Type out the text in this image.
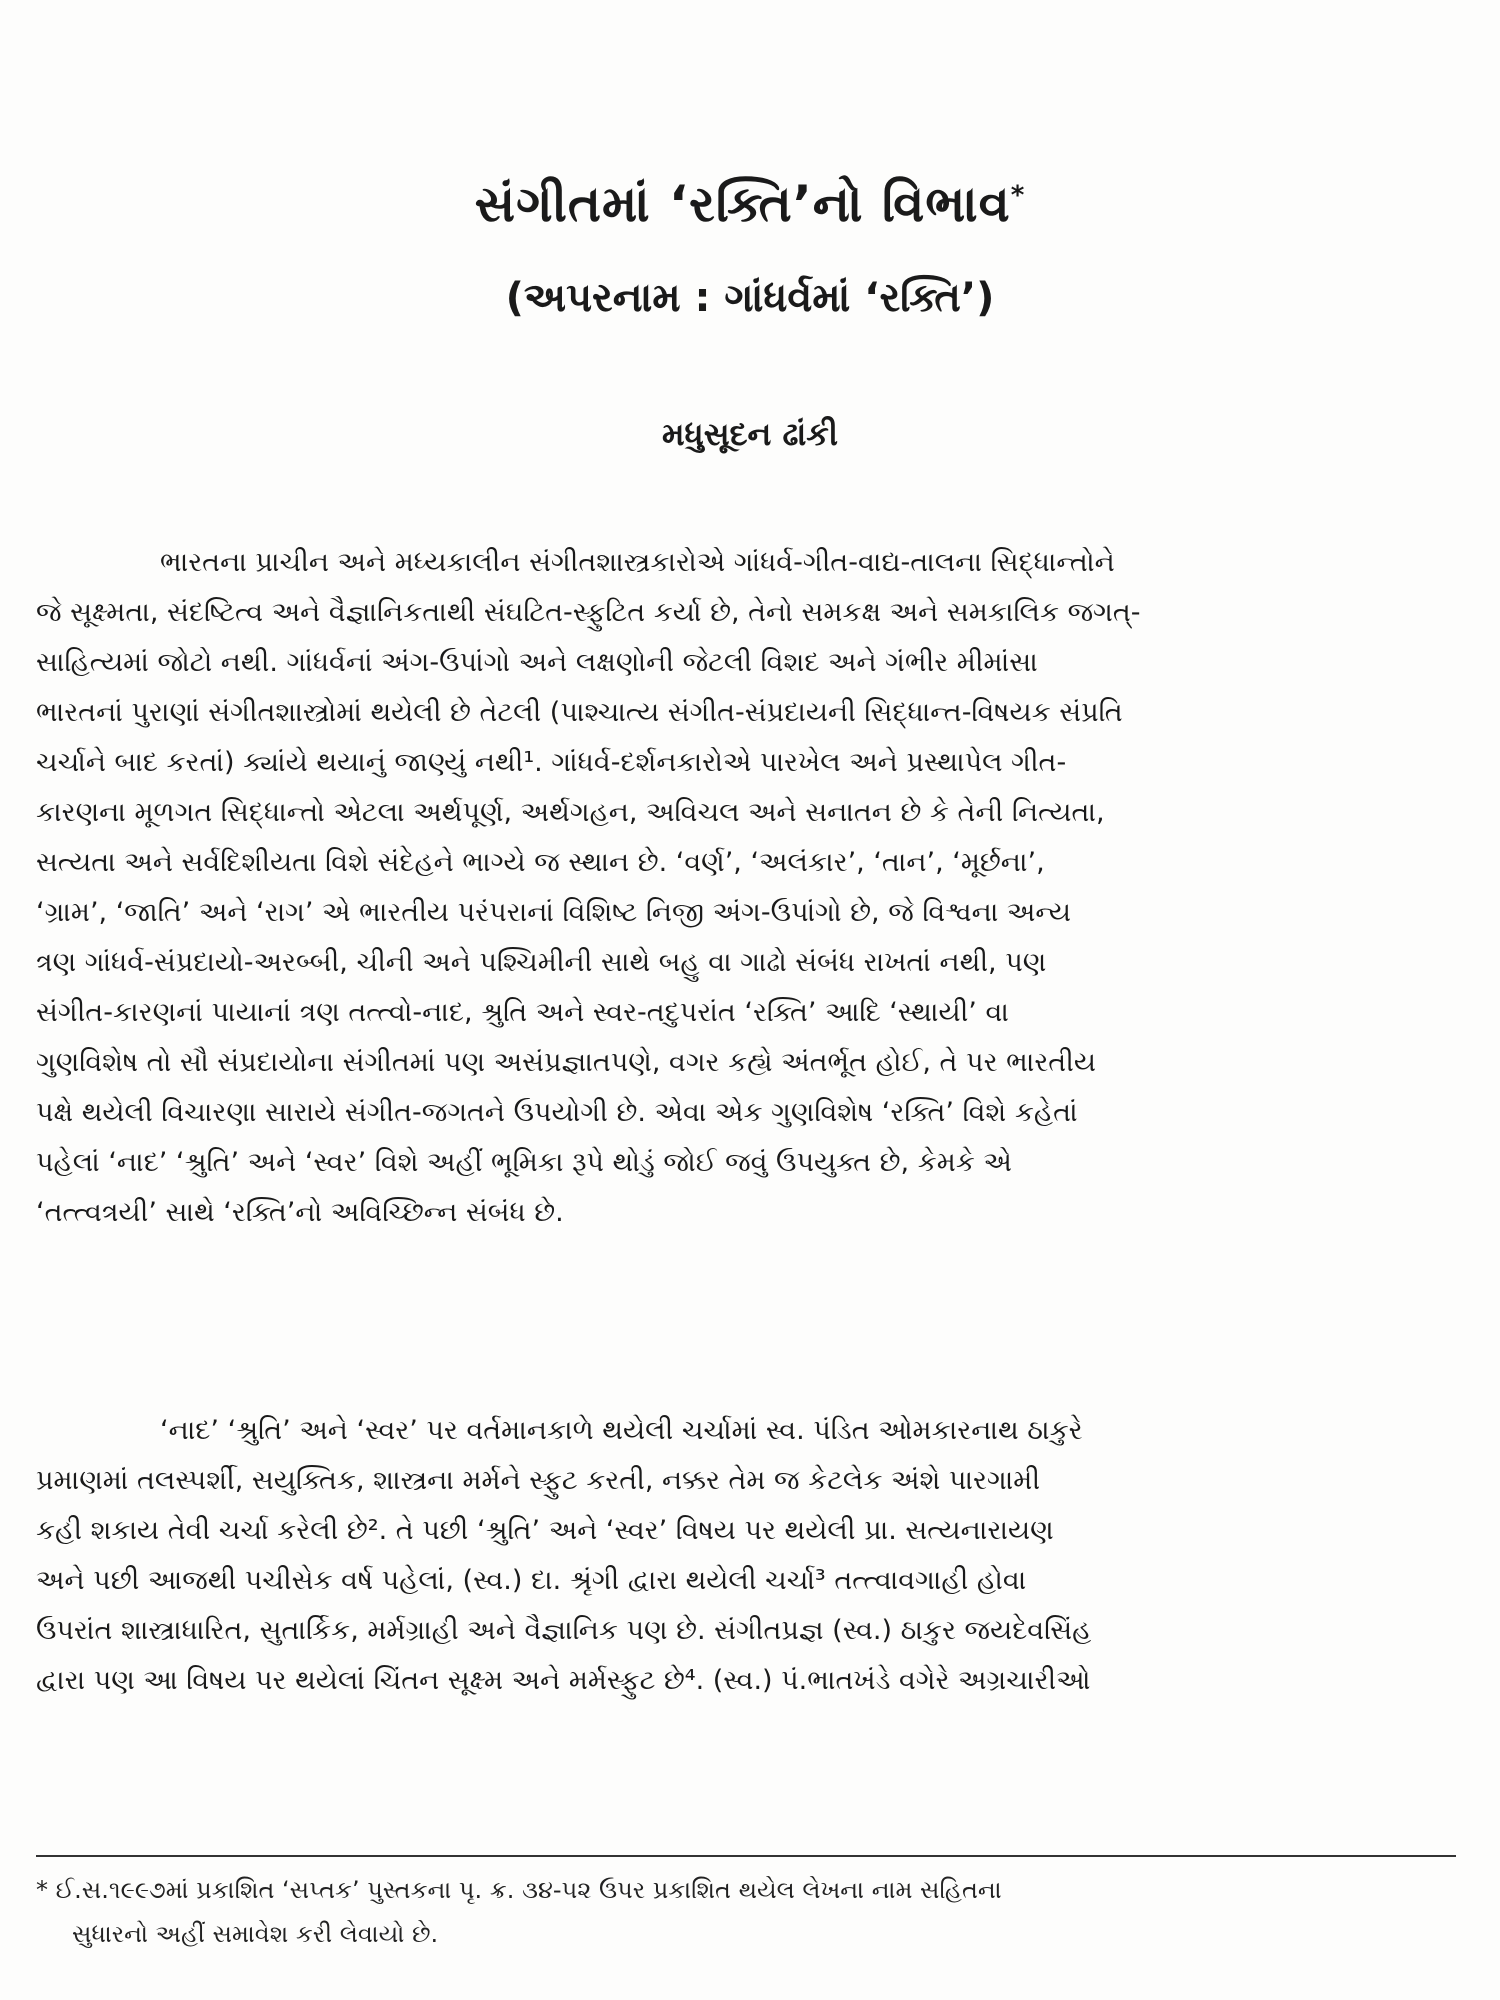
સંગીતમાં ‘રક્તિ’નો વિભાવ*
(અપરનામ : ગાંધર્વમાં ‘રક્તિ’)
મધુસૂદન ઢાંકી
ભારતના પ્રાચીન અને મધ્યકાલીન સંગીતશાસ્ત્રકારોએ ગાંધર્વ-ગીત-વાદ્ય-તાલના સિદ્ધાન્તોને
જે સૂક્ષ્મતા, સંદષ્ટિત્વ અને વૈજ્ઞાનિકતાથી સંઘટિત-સ્ફુટિત કર્યા છે, તેનો સમકક્ષ અને સમકાલિક જગત્-
સાહિત્યમાં જોટો નથી. ગાંધર્વનાં અંગ-ઉપાંગો અને લક્ષણોની જેટલી વિશદ અને ગંભીર મીમાંસા
ભારતનાં પુરાણાં સંગીતશાસ્ત્રોમાં થયેલી છે તેટલી (પાશ્ચાત્ય સંગીત-સંપ્રદાયની સિદ્ધાન્ત-વિષયક સંપ્રતિ
ચર્ચાને બાદ કરતાં) ક્યાંયે થયાનું જાણ્યું નથી¹. ગાંધર્વ-દર્શનકારોએ પારખેલ અને પ્રસ્થાપેલ ગીત-
કારણના મૂળગત સિદ્ધાન્તો એટલા અર્થપૂર્ણ, અર્થગહન, અવિચલ અને સનાતન છે કે તેની નિત્યતા,
સત્યતા અને સર્વદિશીયતા વિશે સંદેહને ભાગ્યે જ સ્થાન છે. ‘વર્ણ’, ‘અલંકાર’, ‘તાન’, ‘મૂર્છના’,
‘ગ્રામ’, ‘જાતિ’ અને ‘રાગ’ એ ભારતીય પરંપરાનાં વિશિષ્ટ નિજી અંગ-ઉપાંગો છે, જે વિશ્વના અન્ય
ત્રણ ગાંધર્વ-સંપ્રદાયો-અરબ્બી, ચીની અને પશ્ચિમીની સાથે બહુ વા ગાઢો સંબંધ રાખતાં નથી, પણ
સંગીત-કારણનાં પાયાનાં ત્રણ તત્ત્વો-નાદ, શ્રુતિ અને સ્વર-તદુપરાંત ‘રક્તિ’ આદિ ‘સ્થાયી’ વા
ગુણવિશેષ તો સૌ સંપ્રદાયોના સંગીતમાં પણ અસંપ્રજ્ઞાતપણે, વગર કહ્યે અંતર્ભૂત હોઈ, તે પર ભારતીય
પક્ષે થયેલી વિચારણા સારાયે સંગીત-જગતને ઉપયોગી છે. એવા એક ગુણવિશેષ ‘રક્તિ’ વિશે કહેતાં
પહેલાં ‘નાદ’ ‘શ્રુતિ’ અને ‘સ્વર’ વિશે અહીં ભૂમિકા રૂપે થોડું જોઈ જવું ઉપયુક્ત છે, કેમકે એ
‘તત્ત્વત્રયી’ સાથે ‘રક્તિ’નો અવિચ્છિન્ન સંબંધ છે.
‘નાદ’ ‘શ્રુતિ’ અને ‘સ્વર’ પર વર્તમાનકાળે થયેલી ચર્ચામાં સ્વ. પંડિત ઓમકારનાથ ઠાકુરે
પ્રમાણમાં તલસ્પર્શી, સયુક્તિક, શાસ્ત્રના મર્મને સ્ફુટ કરતી, નક્કર તેમ જ કેટલેક અંશે પારગામી
કહી શકાય તેવી ચર્ચા કરેલી છે². તે પછી ‘શ્રુતિ’ અને ‘સ્વર’ વિષય પર થયેલી પ્રા. સત્યનારાયણ
અને પછી આજથી પચીસેક વર્ષ પહેલાં, (સ્વ.) દા. શ્રૃંગી દ્વારા થયેલી ચર્ચા³ તત્ત્વાવગાહી હોવા
ઉપરાંત શાસ્ત્રાધારિત, સુતાર્કિક, મર્મગ્રાહી અને વૈજ્ઞાનિક પણ છે. સંગીતપ્રજ્ઞ (સ્વ.) ઠાકુર જયદેવસિંહ
દ્વારા પણ આ વિષય પર થયેલાં ચિંતન સૂક્ષ્મ અને મર્મસ્ફુટ છે⁴. (સ્વ.) પં.ભાતખંડે વગેરે અગ્રચારીઓ
* ઈ.સ.૧૯૯૭માં પ્રકાશિત ‘સપ્તક’ પુસ્તકના પૃ. ક્ર. ૩૪-૫૨ ઉપર પ્રકાશિત થયેલ લેખના નામ સહિતના
સુધારનો અહીં સમાવેશ કરી લેવાયો છે.
